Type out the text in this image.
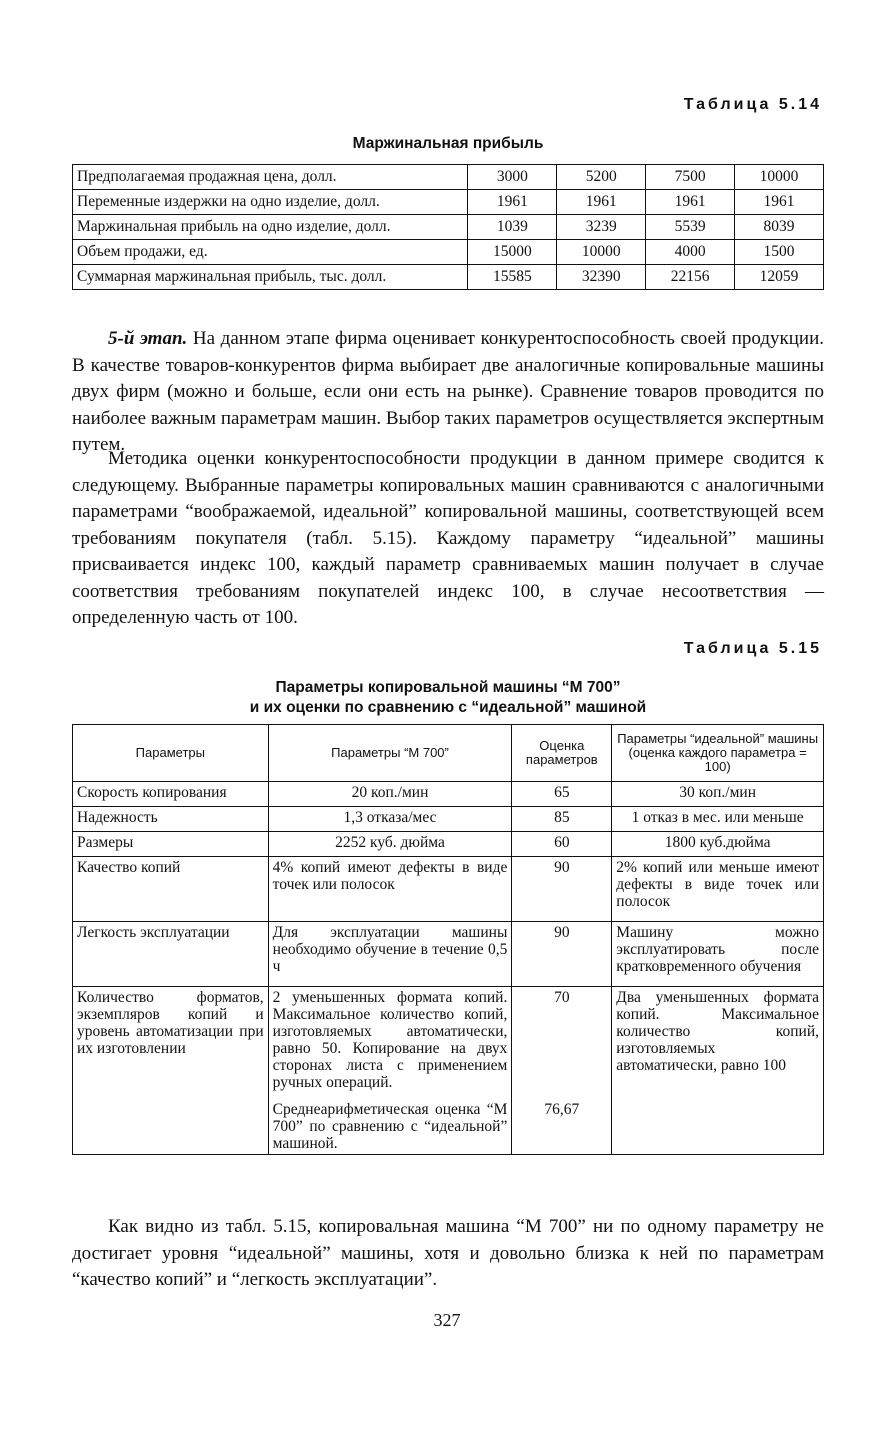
Таблица 5.14
Маржинальная прибыль
Предполагаемая продажная цена, долл.	3000	5200	7500	10000
Переменные издержки на одно изделие, долл.	1961	1961	1961	1961
Маржинальная прибыль на одно изделие, долл.	1039	3239	5539	8039
Объем продажи, ед.	15000	10000	4000	1500
Суммарная маржинальная прибыль, тыс. долл.	15585	32390	22156	12059

5-й этап. На данном этапе фирма оценивает конкурентоспособность своей продукции. В качестве товаров-конкурентов фирма выбирает две аналогичные копировальные машины двух фирм (можно и больше, если они есть на рынке). Сравнение товаров проводится по наиболее важным параметрам машин. Выбор таких параметров осуществляется экспертным путем.

Методика оценки конкурентоспособности продукции в данном примере сводится к следующему. Выбранные параметры копировальных машин сравниваются с аналогичными параметрами “воображаемой, идеальной” копировальной машины, соответствующей всем требованиям покупателя (табл. 5.15). Каждому параметру “идеальной” машины присваивается индекс 100, каждый параметр сравниваемых машин получает в случае соответствия требованиям покупателей индекс 100, в случае несоответствия — определенную часть от 100.

Таблица 5.15
Параметры копировальной машины “М 700”
и их оценки по сравнению с “идеальной” машиной
Параметры	Параметры “М 700”	Оценка параметров	Параметры “идеальной” машины (оценка каждого параметра = 100)
Скорость копирования	20 коп./мин	65	30 коп./мин
Надежность	1,3 отказа/мес	85	1 отказ в мес. или меньше
Размеры	2252 куб. дюйма	60	1800 куб.дюйма
Качество копий	4% копий имеют дефекты в виде точек или полосок	90	2% копий или меньше имеют дефекты в виде точек или полосок
Легкость эксплуатации	Для эксплуатации машины необходимо обучение в течение 0,5 ч	90	Машину можно эксплуатировать после кратковременного обучения
Количество форматов, экземпляров копий и уровень автоматизации при их изготовлении	2 уменьшенных формата копий. Максимальное количество копий, изготовляемых автоматически, равно 50. Копирование на двух сторонах листа с применением ручных операций.	70	Два уменьшенных формата копий. Максимальное количество копий, изготовляемых автоматически, равно 100
	Среднеарифметическая оценка “М 700” по сравнению с “идеальной” машиной.	76,67	

Как видно из табл. 5.15, копировальная машина “М 700” ни по одному параметру не достигает уровня “идеальной” машины, хотя и довольно близка к ней по параметрам “качество копий” и “легкость эксплуатации”.

327
